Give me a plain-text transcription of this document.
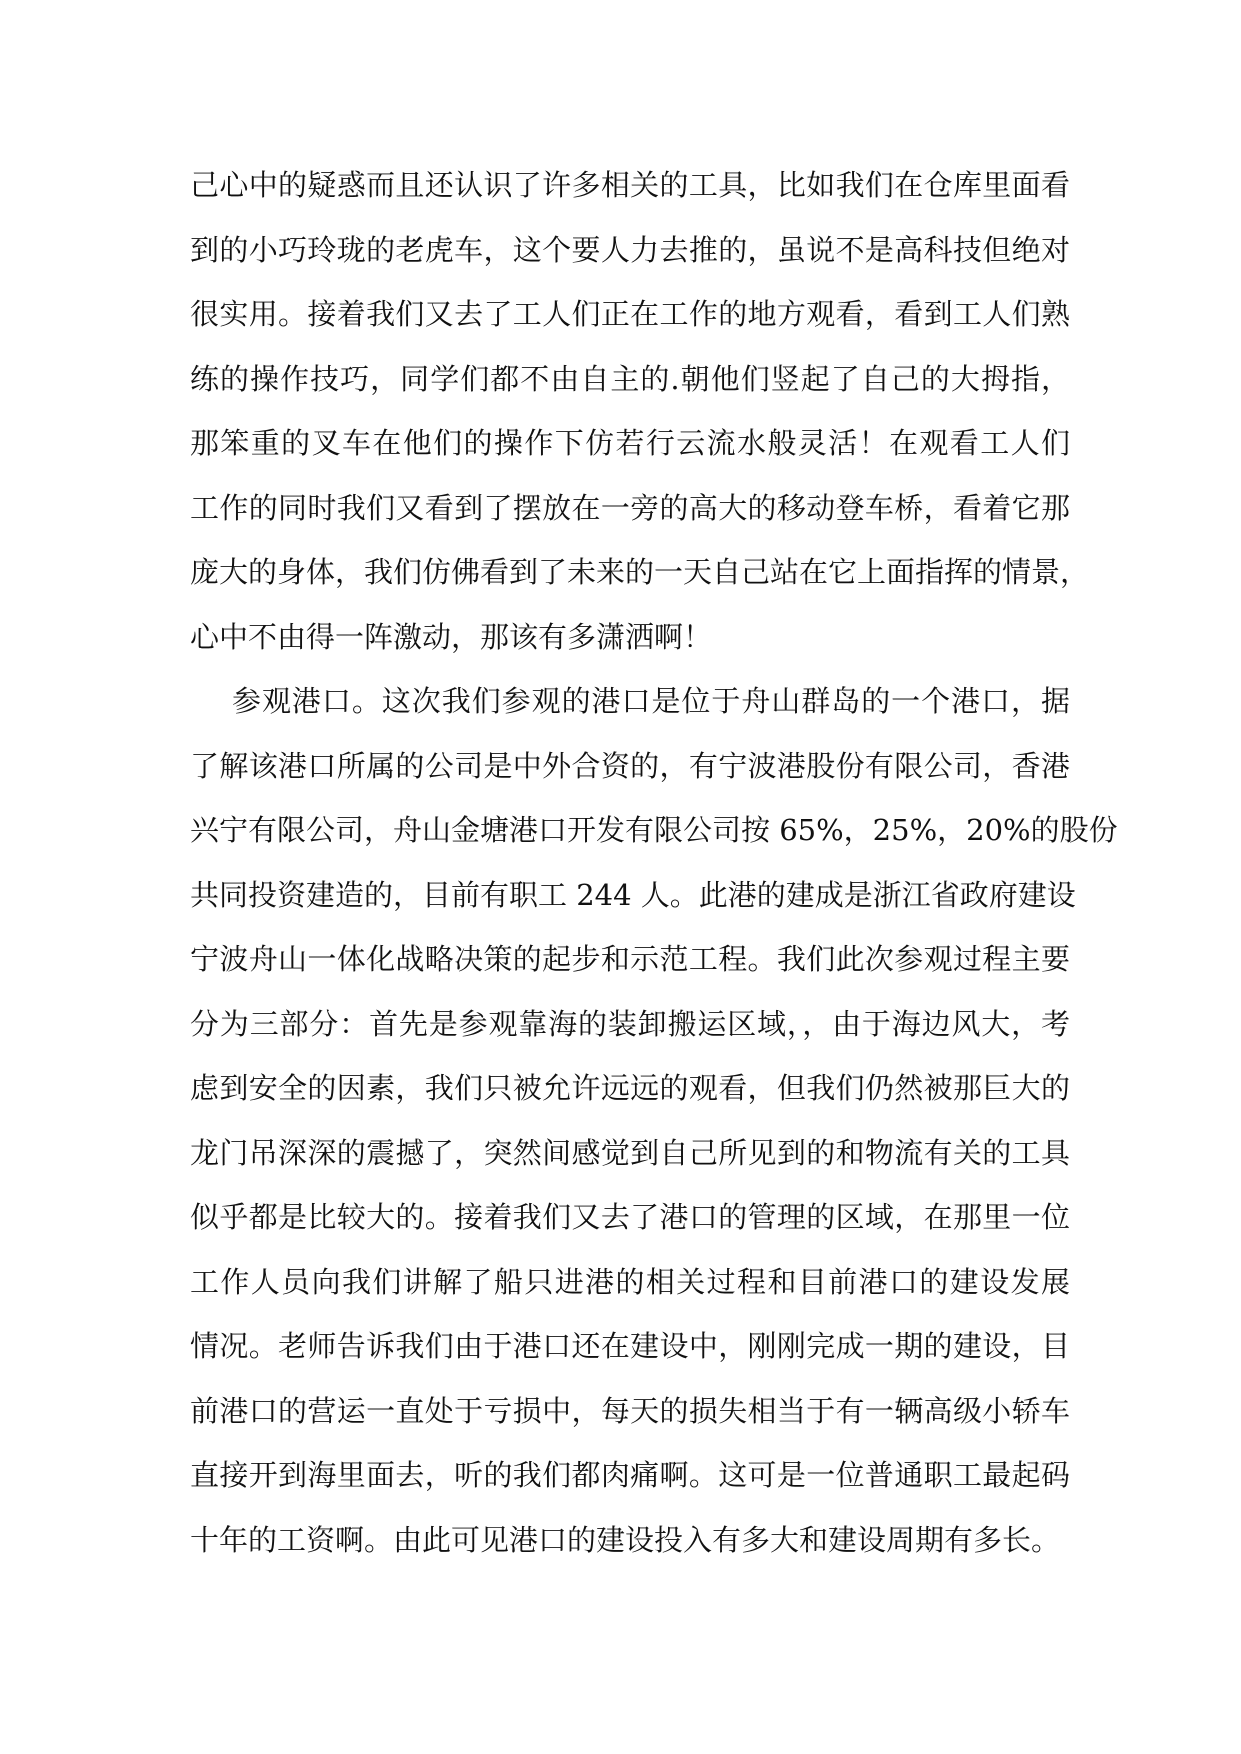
己心中的疑惑而且还认识了许多相关的工具，比如我们在仓库里面看
到的小巧玲珑的老虎车，这个要人力去推的，虽说不是高科技但绝对
很实用。接着我们又去了工人们正在工作的地方观看，看到工人们熟
练的操作技巧，同学们都不由自主的.朝他们竖起了自己的大拇指，
那笨重的叉车在他们的操作下仿若行云流水般灵活！在观看工人们
工作的同时我们又看到了摆放在一旁的高大的移动登车桥，看着它那
庞大的身体，我们仿佛看到了未来的一天自己站在它上面指挥的情景，
心中不由得一阵激动，那该有多潇洒啊！
参观港口。这次我们参观的港口是位于舟山群岛的一个港口，据
了解该港口所属的公司是中外合资的，有宁波港股份有限公司，香港
兴宁有限公司，舟山金塘港口开发有限公司按 65%，25%，20%的股份
共同投资建造的，目前有职工 244 人。此港的建成是浙江省政府建设
宁波舟山一体化战略决策的起步和示范工程。我们此次参观过程主要
分为三部分：首先是参观靠海的装卸搬运区域，，由于海边风大，考
虑到安全的因素，我们只被允许远远的观看，但我们仍然被那巨大的
龙门吊深深的震撼了，突然间感觉到自己所见到的和物流有关的工具
似乎都是比较大的。接着我们又去了港口的管理的区域，在那里一位
工作人员向我们讲解了船只进港的相关过程和目前港口的建设发展
情况。老师告诉我们由于港口还在建设中，刚刚完成一期的建设，目
前港口的营运一直处于亏损中，每天的损失相当于有一辆高级小轿车
直接开到海里面去，听的我们都肉痛啊。这可是一位普通职工最起码
十年的工资啊。由此可见港口的建设投入有多大和建设周期有多长。
